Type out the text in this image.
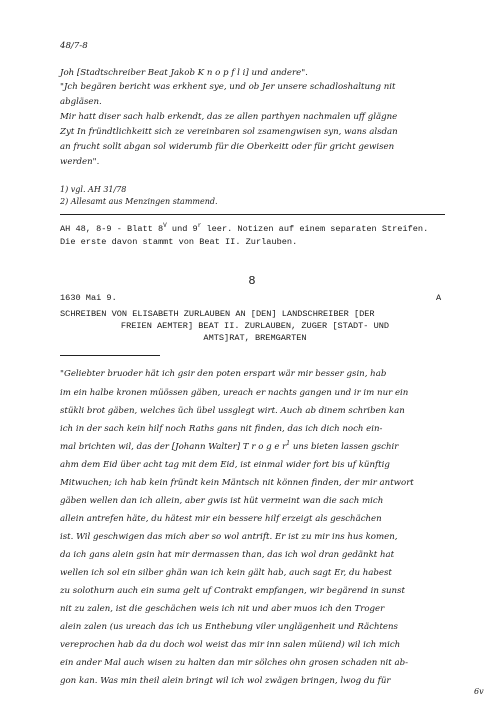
48/7-8
Joh [Stadtschreiber Beat Jakob K n o p f l i] und andere".
"Jch begären bericht was erkhent sye, und ob Jer unsere schadloshaltung nit
abgläsen.
Mir hatt diser sach halb erkendt, das ze allen parthyen nachmalen uff glägne
Zyt In fründtlichkeitt sich ze vereinbaren sol zsamengwisen syn, wans alsdan
an frucht sollt abgan sol widerumb für die Oberkeitt oder für gricht gewisen
werden".
1) vgl. AH 31/78
2) Allesamt aus Menzingen stammend.
AH 48, 8-9 - Blatt $8^V$ und 9$^r$ leer. Notizen auf einem separaten Streifen.
Die erste davon stammt von Beat II. Zurlauben.
8
1630 Mai 9.	A
SCHREIBEN VON ELISABETH ZURLAUBEN AN [DEN] LANDSCHREIBER [DER
FREIEN AEMTER] BEAT II. ZURLAUBEN, ZUGER [STADT- UND
AMTS]RAT, BREMGARTEN
"Geliebter bruoder hät ich gsir den poten erspart wär mir besser gsin, hab
im ein halbe kronen müössen gäben, ureach er nachts gangen und ir im nur ein
stükli brot gäben, welches üch übel ussglegt wirt. Auch ab dinem schriben kan
ich in der sach kein hilf noch Raths gans nit finden, das ich dich noch ein-
mal brichten wil, das der [Johann Walter] T r o g e $r^1$ uns bieten lassen gschir
ahm dem Eid über acht tag mit dem Eid, ist einmal wider fort bis uf künftig
Mitwuchen; ich hab kein fründt kein Mäntsch nit können finden, der mir antwort
gäben wellen dan ich allein, aber gwis ist hüt vermeint wan die sach mich
allein antrefen häte, du hätest mir ein bessere hilf erzeigt als geschächen
ist. Wil geschwigen das mich aber so wol antrift. Er ist zu mir ins hus komen,
da ich gans alein gsin hat mir dermassen than, das ich wol dran gedänkt hat
wellen ich sol ein silber ghän wan ich kein gält hab, auch sagt Er, du habest
zu solothurn auch ein suma gelt uf Contrakt empfangen, wir begärend in sunst
nit zu zalen, ist die geschächen weis ich nit und aber muos ich den Troger
alein zalen (us ureach das ich us Enthebung viler unglägenheit und Rächtens
vereprochen hab da du doch wol weist das mir inn salen müiend) wil ich mich
ein ander Mal auch wisen zu halten dan mir sölches ohn grosen schaden nit ab-
gon kan. Was min theil alein bringt wil ich wol zwägen bringen, lwog du für
6v
